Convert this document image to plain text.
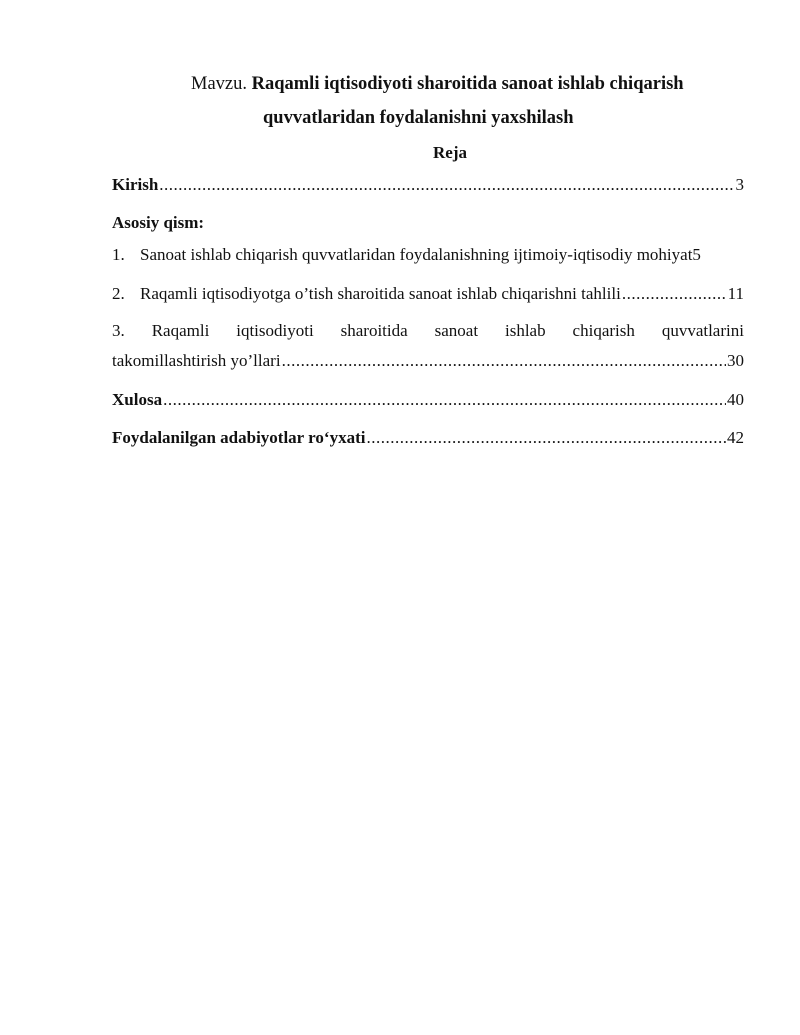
Mavzu. Raqamli iqtisodiyoti sharoitida sanoat ishlab chiqarish
quvvatlaridan foydalanishni yaxshilash
Reja
Kirish .....	3
Asosiy qism:
1. Sanoat ishlab chiqarish quvvatlaridan foydalanishning ijtimoiy-iqtisodiy mohiyat5
2. Raqamli iqtisodiyotga o’tish sharoitida sanoat ishlab chiqarishni tahlili .....	11
3. Raqamli iqtisodiyoti sharoitida sanoat ishlab chiqarish quvvatlarini
takomillashtirish yo’llari .....	30
Xulosa .....	40
Foydalanilgan adabiyotlar ro‘yxati .....	42
